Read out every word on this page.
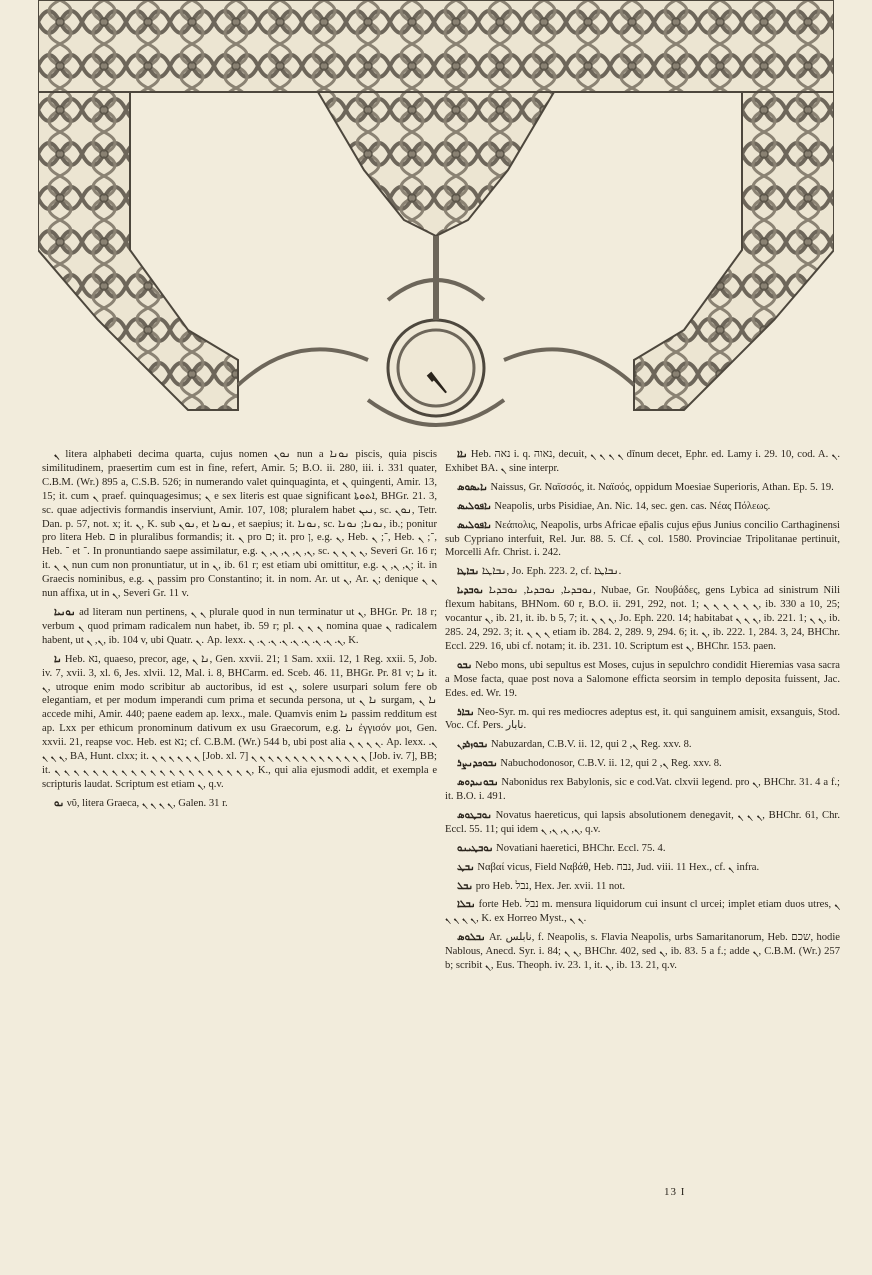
ܢ

ܢ litera alphabeti decima quarta, cujus nomen ܢܘܢ nun a ܢܘܢܐ piscis, quia piscis similitudinem, praesertim cum est in fine, refert, Amir. 5; B.O. ii. 280, iii. i. 331 quater, C.B.M. (Wr.) 895 a, C.S.B. 526; in numerando valet quinquaginta, et ܢ quingenti, Amir. 13, 15; it. cum ܢ praef. quinquagesimus; ܢ e sex literis est quae significant ܐܬܘܬܐ, BHGr. 21. 3, sc. quae adjectivis formandis inserviunt, Amir. 107, 108; pluralem habet ܢܝܢ, sc. ܢܘܢ, Tetr. Dan. p. 57, not. x; it. ܢ, K. sub ܢܘܢ, et ܢܘܢܐ, et saepius; it. ܢܘܢܐ, sc. ܢܘܢܐ; ܢܘܢܐ, ib.; ponitur pro litera Heb. ם in pluralibus formandis; it. ܢ pro ם; it. pro ן, e.g. ܢ, Heb. ־; ܢ, Heb. ־; ܢ, Heb. ־ et ־. In pronuntiando saepe assimilatur, e.g. ܢ, ܢ, ܢ, ܢ, ܢ, sc. ܢ ܢ ܢ ܢ, Severi Gr. 16 r; it. ܢ ܢ nun cum non pronuntiatur, ut in ܢ, ib. 61 r; est etiam ubi omittitur, e.g. ܢ, ܢ, ܢ; it. in Graecis nominibus, e.g. ܢ passim pro Constantino; it. in nom. Ar. ut ܢ, Ar. ܢ; denique ܢ ܢ nun affixa, ut in ܢ, Severi Gr. 11 v.

ܢܘܢܝܐ ad literam nun pertinens, ܢ ܢ plurale quod in nun terminatur ut ܢ, BHGr. Pr. 18 r; verbum ܢ quod primam radicalem nun habet, ib. 59 r; pl. ܢ ܢ ܢ nomina quae ܢ radicalem habent, ut ܢ, ܢ, ib. 104 v, ubi Quatr. ܢ. Ap. lexx. ܢ. ܢ. ܢ. ܢ. ܢ. ܢ. ܢ. ܢ. ܢ, K.

ܢܐ Heb. נא, quaeso, precor, age, ܢܐ ܢ, Gen. xxvii. 21; 1 Sam. xxii. 12, 1 Reg. xxii. 5, Job. iv. 7, xvii. 3, xl. 6, Jes. xlvii. 12, Mal. i. 8, BHCarm. ed. Sceb. 46. 11, BHGr. Pr. 81 v; ܢܐ it. ܢ, utroque enim modo scribitur ab auctoribus, id est ܢ, solere usurpari solum fere ob elegantiam, et per modum imperandi cum prima et secunda persona, ut ܢܐ ܢ surgam, ܢܐ ܢ accede mihi, Amir. 440; paene eadem ap. lexx., male. Quamvis enim ܢܐ passim redditum est ap. Lxx per ethicum pronominum dativum ex usu Graecorum, e.g. ܢܐ ἐγγισόν μοι, Gen. xxvii. 21, reapse voc. Heb. est נא; cf. C.B.M. (Wr.) 544 b, ubi post alia ܢ ܢ ܢ ܢ. Ap. lexx. ܢ. ܢ ܢ ܢ, BA, Hunt. clxx; it. ܢ ܢ ܢ ܢ ܢ ܢ [Job. xl. 7] ܢ ܢ ܢ ܢ ܢ ܢ ܢ ܢ ܢ ܢ ܢ ܢ ܢ ܢ [Job. iv. 7], BB; it. ܢ ܢ ܢ ܢ ܢ ܢ ܢ ܢ ܢ ܢ ܢ ܢ ܢ ܢ ܢ ܢ ܢ ܢ ܢ ܢ ܢ, K., qui alia ejusmodi addit, et exempla e scripturis laudat. Scriptum est etiam ܢ, q.v.

ܢܘ νῦ, litera Graeca, ܢ ܢ ܢ ܢ, Galen. 31 r.

ܢܐܐ Heb. נאה i. q. נאוה, decuit, ܢ ܢ ܢ ܢ dīnum decet, Ephr. ed. Lamy i. 29. 10, cod. A. ܢ. Exhibet BA. ܢ sine interpr.

ܢܐܝܣܘܣ Naissus, Gr. Ναϊσσός, it. Ναϊσός, oppidum Moesiae Superioris, Athan. Ep. 5. 19.

ܢܐܦܘܠܝܣ Neapolis, urbs Pisidiae, An. Nic. 14, sec. gen. cas. Νέας Πόλεως.

ܢܐܦܘܠܝܣ Νεάπολις, Neapolis, urbs Africae ep̄alis cujus ep̄us Junius concilio Carthaginensi sub Cypriano interfuit, Rel. Jur. 88. 5. Cf. ܢ col. 1580. Provinciae Tripolitanae pertinuit, Morcelli Afr. Christ. i. 242.

ܢܒܐܛܐ ܢܒܐܛܐ, Jo. Eph. 223. 2, cf. ܢܒܐܛܐ.

ܢܘܒܕܝܐ ܢܘܒܕܝܐ, ܢܘܒܕܝܐ, ܢܘܒܕܝܐ, Nubae, Gr. Νουβάδες, gens Lybica ad sinistrum Nili flexum habitans, BHNom. 60 r, B.O. ii. 291, 292, not. 1; ܢ ܢ ܢ ܢ ܢ ܢ, ib. 330 a 10, 25; vocantur ܢ, ib. 21, it. ib. b 5, 7; it. ܢ ܢ ܢ, Jo. Eph. 220. 14; habitabat ܢ ܢ ܢ, ib. 221. 1; ܢ ܢ, ib. 285. 24, 292. 3; it. ܢ ܢ ܢ etiam ib. 284. 2, 289. 9, 294. 6; it. ܢ, ib. 222. 1, 284. 3, 24, BHChr. Eccl. 229. 16, ubi cf. notam; it. ib. 231. 10. Scriptum est ܢ, BHChr. 153. paen.

ܢܒܘ Nebo mons, ubi sepultus est Moses, cujus in sepulchro condidit Hieremias vasa sacra a Mose facta, quae post nova a Salomone efficta seorsim in templo deposita fuissent, Jac. Edes. ed. Wr. 19.

ܢܒܐܪ Neo-Syr. m. qui res mediocres adeptus est, it. qui sanguinem amisit, exsanguis, Stod. Voc. Cf. Pers. نابار.

ܢܒܘܙܪܕܢ Nabuzardan, C.B.V. ii. 12, qui ܢ, 2 Reg. xxv. 8.

ܢܒܘܟܕܢܨܪ Nabuchodonosor, C.B.V. ii. 12, qui ܢ, 2 Reg. xxv. 8.

ܢܒܘܢܝܕܘܣ Nabonidus rex Babylonis, sic e cod.Vat. clxvii legend. pro ܢ, BHChr. 31. 4 a f.; it. B.O. i. 491.

ܢܘܒܛܘܣ Novatus haereticus, qui lapsis absolutionem denegavit, ܢ ܢ ܢ, BHChr. 61, Chr. Eccl. 55. 11; qui idem ܢ, ܢ, ܢ, ܢ, q.v.

ܢܘܒܛܝܢܘ Novatiani haeretici, BHChr. Eccl. 75. 4.

ܢܒܛ Ναβαί vicus, Field Ναβάθ, Heb. נבח, Jud. viii. 11 Hex., cf. ܢ infra.

ܢܒܠ pro Heb. נבל, Hex. Jer. xvii. 11 not.

ܢܒܠܐ forte Heb. נבל m. mensura liquidorum cui insunt cl urcei; implet etiam duos utres, ܢ ܢ ܢ ܢ ܢ, K. ex Horreo Myst., ܢ ܢ.

ܢܒܠܘܣ Ar. نابلس, f. Neapolis, s. Flavia Neapolis, urbs Samaritanorum, Heb. שכם, hodie Nablous, Anecd. Syr. i. 84; ܢ ܢ, BHChr. 402, sed ܢ, ib. 83. 5 a f.; adde ܢ, C.B.M. (Wr.) 257 b; scribit ܢ, Eus. Theoph. iv. 23. 1, it. ܢ, ib. 13. 21, q.v.

13 I
